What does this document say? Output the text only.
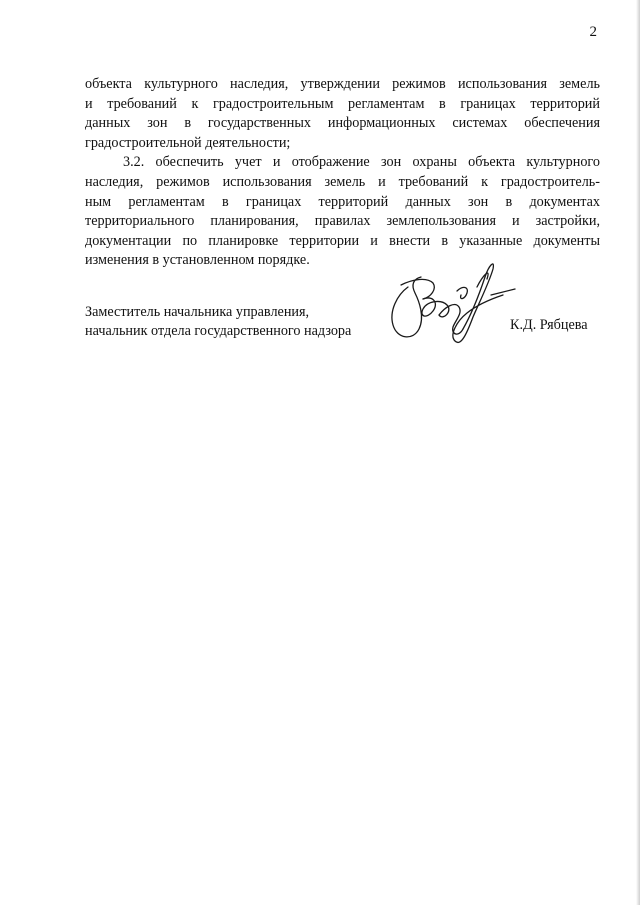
2

объекта культурного наследия, утверждении режимов использования земель
и требований к градостроительным регламентам в границах территорий
данных зон в государственных информационных системах обеспечения
градостроительной деятельности;

3.2. обеспечить учет и отображение зон охраны объекта культурного
наследия, режимов использования земель и требований к градостроитель-
ным регламентам в границах территорий данных зон в документах
территориального планирования, правилах землепользования и застройки,
документации по планировке территории и внести в указанные документы
изменения в установленном порядке.

Заместитель начальника управления,
начальник отдела государственного надзора	К.Д. Рябцева
